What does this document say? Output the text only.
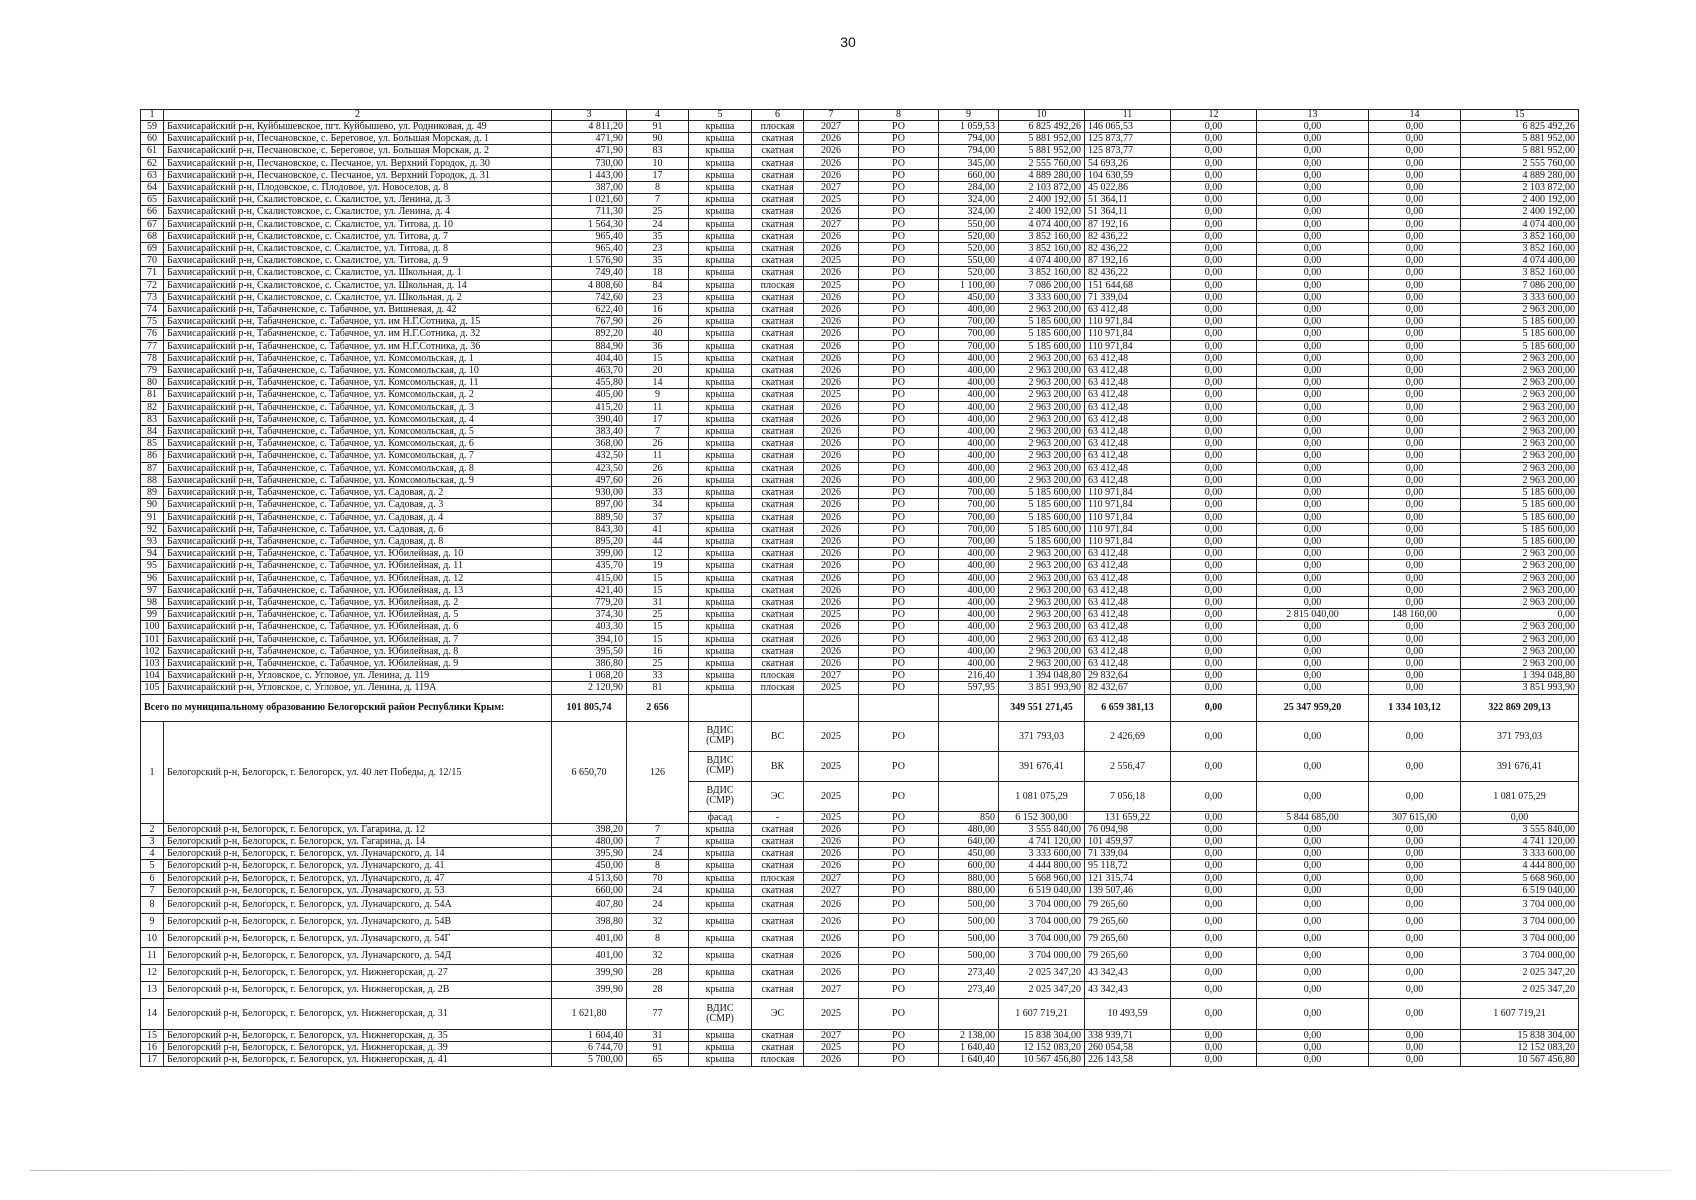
30
1	2	3	4	5	6	7	8	9	10	11	12	13	14	15
59	Бахчисарайский р-н, Куйбышевское, пгт. Куйбышево, ул. Родниковая, д. 49	4 811,20	91	крыша	плоская	2027	РО	1 059,53	6 825 492,26	146 065,53	0,00	0,00	0,00	6 825 492,26
60	Бахчисарайский р-н, Песчановское, с. Береговое, ул. Большая Морская, д. 1	471,90	90	крыша	скатная	2026	РО	794,00	5 881 952,00	125 873,77	0,00	0,00	0,00	5 881 952,00
61	Бахчисарайский р-н, Песчановское, с. Береговое, ул. Большая Морская, д. 2	471,90	83	крыша	скатная	2026	РО	794,00	5 881 952,00	125 873,77	0,00	0,00	0,00	5 881 952,00
62	Бахчисарайский р-н, Песчановское, с. Песчаное, ул. Верхний Городок, д. 30	730,00	10	крыша	скатная	2026	РО	345,00	2 555 760,00	54 693,26	0,00	0,00	0,00	2 555 760,00
63	Бахчисарайский р-н, Песчановское, с. Песчаное, ул. Верхний Городок, д. 31	1 443,00	17	крыша	скатная	2026	РО	660,00	4 889 280,00	104 630,59	0,00	0,00	0,00	4 889 280,00
64	Бахчисарайский р-н, Плодовское, с. Плодовое, ул. Новоселов, д. 8	387,00	8	крыша	скатная	2027	РО	284,00	2 103 872,00	45 022,86	0,00	0,00	0,00	2 103 872,00
65	Бахчисарайский р-н, Скалистовское, с. Скалистое, ул. Ленина, д. 3	1 021,60	7	крыша	скатная	2025	РО	324,00	2 400 192,00	51 364,11	0,00	0,00	0,00	2 400 192,00
66	Бахчисарайский р-н, Скалистовское, с. Скалистое, ул. Ленина, д. 4	711,30	25	крыша	скатная	2026	РО	324,00	2 400 192,00	51 364,11	0,00	0,00	0,00	2 400 192,00
67	Бахчисарайский р-н, Скалистовское, с. Скалистое, ул. Титова, д. 10	1 564,30	24	крыша	скатная	2027	РО	550,00	4 074 400,00	87 192,16	0,00	0,00	0,00	4 074 400,00
68	Бахчисарайский р-н, Скалистовское, с. Скалистое, ул. Титова, д. 7	965,40	35	крыша	скатная	2026	РО	520,00	3 852 160,00	82 436,22	0,00	0,00	0,00	3 852 160,00
69	Бахчисарайский р-н, Скалистовское, с. Скалистое, ул. Титова, д. 8	965,40	23	крыша	скатная	2026	РО	520,00	3 852 160,00	82 436,22	0,00	0,00	0,00	3 852 160,00
70	Бахчисарайский р-н, Скалистовское, с. Скалистое, ул. Титова, д. 9	1 576,90	35	крыша	скатная	2025	РО	550,00	4 074 400,00	87 192,16	0,00	0,00	0,00	4 074 400,00
71	Бахчисарайский р-н, Скалистовское, с. Скалистое, ул. Школьная, д. 1	749,40	18	крыша	скатная	2026	РО	520,00	3 852 160,00	82 436,22	0,00	0,00	0,00	3 852 160,00
72	Бахчисарайский р-н, Скалистовское, с. Скалистое, ул. Школьная, д. 14	4 808,60	84	крыша	плоская	2025	РО	1 100,00	7 086 200,00	151 644,68	0,00	0,00	0,00	7 086 200,00
73	Бахчисарайский р-н, Скалистовское, с. Скалистое, ул. Школьная, д. 2	742,60	23	крыша	скатная	2026	РО	450,00	3 333 600,00	71 339,04	0,00	0,00	0,00	3 333 600,00
74	Бахчисарайский р-н, Табачненское, с. Табачное, ул. Вишневая, д. 42	622,40	16	крыша	скатная	2026	РО	400,00	2 963 200,00	63 412,48	0,00	0,00	0,00	2 963 200,00
75	Бахчисарайский р-н, Табачненское, с. Табачное, ул. им Н.Г.Сотника, д. 15	767,90	26	крыша	скатная	2026	РО	700,00	5 185 600,00	110 971,84	0,00	0,00	0,00	5 185 600,00
76	Бахчисарайский р-н, Табачненское, с. Табачное, ул. им Н.Г.Сотника, д. 32	892,20	40	крыша	скатная	2026	РО	700,00	5 185 600,00	110 971,84	0,00	0,00	0,00	5 185 600,00
77	Бахчисарайский р-н, Табачненское, с. Табачное, ул. им Н.Г.Сотника, д. 36	884,90	36	крыша	скатная	2026	РО	700,00	5 185 600,00	110 971,84	0,00	0,00	0,00	5 185 600,00
78	Бахчисарайский р-н, Табачненское, с. Табачное, ул. Комсомольская, д. 1	404,40	15	крыша	скатная	2026	РО	400,00	2 963 200,00	63 412,48	0,00	0,00	0,00	2 963 200,00
79	Бахчисарайский р-н, Табачненское, с. Табачное, ул. Комсомольская, д. 10	463,70	20	крыша	скатная	2026	РО	400,00	2 963 200,00	63 412,48	0,00	0,00	0,00	2 963 200,00
80	Бахчисарайский р-н, Табачненское, с. Табачное, ул. Комсомольская, д. 11	455,80	14	крыша	скатная	2026	РО	400,00	2 963 200,00	63 412,48	0,00	0,00	0,00	2 963 200,00
81	Бахчисарайский р-н, Табачненское, с. Табачное, ул. Комсомольская, д. 2	405,00	9	крыша	скатная	2025	РО	400,00	2 963 200,00	63 412,48	0,00	0,00	0,00	2 963 200,00
82	Бахчисарайский р-н, Табачненское, с. Табачное, ул. Комсомольская, д. 3	415,20	11	крыша	скатная	2026	РО	400,00	2 963 200,00	63 412,48	0,00	0,00	0,00	2 963 200,00
83	Бахчисарайский р-н, Табачненское, с. Табачное, ул. Комсомольская, д. 4	390,40	17	крыша	скатная	2026	РО	400,00	2 963 200,00	63 412,48	0,00	0,00	0,00	2 963 200,00
84	Бахчисарайский р-н, Табачненское, с. Табачное, ул. Комсомольская, д. 5	383,40	7	крыша	скатная	2026	РО	400,00	2 963 200,00	63 412,48	0,00	0,00	0,00	2 963 200,00
85	Бахчисарайский р-н, Табачненское, с. Табачное, ул. Комсомольская, д. 6	368,00	26	крыша	скатная	2026	РО	400,00	2 963 200,00	63 412,48	0,00	0,00	0,00	2 963 200,00
86	Бахчисарайский р-н, Табачненское, с. Табачное, ул. Комсомольская, д. 7	432,50	11	крыша	скатная	2026	РО	400,00	2 963 200,00	63 412,48	0,00	0,00	0,00	2 963 200,00
87	Бахчисарайский р-н, Табачненское, с. Табачное, ул. Комсомольская, д. 8	423,50	26	крыша	скатная	2026	РО	400,00	2 963 200,00	63 412,48	0,00	0,00	0,00	2 963 200,00
88	Бахчисарайский р-н, Табачненское, с. Табачное, ул. Комсомольская, д. 9	497,60	26	крыша	скатная	2026	РО	400,00	2 963 200,00	63 412,48	0,00	0,00	0,00	2 963 200,00
89	Бахчисарайский р-н, Табачненское, с. Табачное, ул. Садовая, д. 2	930,00	33	крыша	скатная	2026	РО	700,00	5 185 600,00	110 971,84	0,00	0,00	0,00	5 185 600,00
90	Бахчисарайский р-н, Табачненское, с. Табачное, ул. Садовая, д. 3	897,00	34	крыша	скатная	2026	РО	700,00	5 185 600,00	110 971,84	0,00	0,00	0,00	5 185 600,00
91	Бахчисарайский р-н, Табачненское, с. Табачное, ул. Садовая, д. 4	889,50	37	крыша	скатная	2026	РО	700,00	5 185 600,00	110 971,84	0,00	0,00	0,00	5 185 600,00
92	Бахчисарайский р-н, Табачненское, с. Табачное, ул. Садовая, д. 6	843,30	41	крыша	скатная	2026	РО	700,00	5 185 600,00	110 971,84	0,00	0,00	0,00	5 185 600,00
93	Бахчисарайский р-н, Табачненское, с. Табачное, ул. Садовая, д. 8	895,20	44	крыша	скатная	2026	РО	700,00	5 185 600,00	110 971,84	0,00	0,00	0,00	5 185 600,00
94	Бахчисарайский р-н, Табачненское, с. Табачное, ул. Юбилейная, д. 10	399,00	12	крыша	скатная	2026	РО	400,00	2 963 200,00	63 412,48	0,00	0,00	0,00	2 963 200,00
95	Бахчисарайский р-н, Табачненское, с. Табачное, ул. Юбилейная, д. 11	435,70	19	крыша	скатная	2026	РО	400,00	2 963 200,00	63 412,48	0,00	0,00	0,00	2 963 200,00
96	Бахчисарайский р-н, Табачненское, с. Табачное, ул. Юбилейная, д. 12	415,00	15	крыша	скатная	2026	РО	400,00	2 963 200,00	63 412,48	0,00	0,00	0,00	2 963 200,00
97	Бахчисарайский р-н, Табачненское, с. Табачное, ул. Юбилейная, д. 13	421,40	15	крыша	скатная	2026	РО	400,00	2 963 200,00	63 412,48	0,00	0,00	0,00	2 963 200,00
98	Бахчисарайский р-н, Табачненское, с. Табачное, ул. Юбилейная, д. 2	779,20	31	крыша	скатная	2026	РО	400,00	2 963 200,00	63 412,48	0,00	0,00	0,00	2 963 200,00
99	Бахчисарайский р-н, Табачненское, с. Табачное, ул. Юбилейная, д. 5	374,30	25	крыша	скатная	2025	РО	400,00	2 963 200,00	63 412,48	0,00	2 815 040,00	148 160,00	0,00
100	Бахчисарайский р-н, Табачненское, с. Табачное, ул. Юбилейная, д. 6	403,30	15	крыша	скатная	2026	РО	400,00	2 963 200,00	63 412,48	0,00	0,00	0,00	2 963 200,00
101	Бахчисарайский р-н, Табачненское, с. Табачное, ул. Юбилейная, д. 7	394,10	15	крыша	скатная	2026	РО	400,00	2 963 200,00	63 412,48	0,00	0,00	0,00	2 963 200,00
102	Бахчисарайский р-н, Табачненское, с. Табачное, ул. Юбилейная, д. 8	395,50	16	крыша	скатная	2026	РО	400,00	2 963 200,00	63 412,48	0,00	0,00	0,00	2 963 200,00
103	Бахчисарайский р-н, Табачненское, с. Табачное, ул. Юбилейная, д. 9	386,80	25	крыша	скатная	2026	РО	400,00	2 963 200,00	63 412,48	0,00	0,00	0,00	2 963 200,00
104	Бахчисарайский р-н, Угловское, с. Угловое, ул. Ленина, д. 119	1 068,20	33	крыша	плоская	2027	РО	216,40	1 394 048,80	29 832,64	0,00	0,00	0,00	1 394 048,80
105	Бахчисарайский р-н, Угловское, с. Угловое, ул. Ленина, д. 119А	2 120,90	81	крыша	плоская	2025	РО	597,95	3 851 993,90	82 432,67	0,00	0,00	0,00	3 851 993,90
Всего по муниципальному образованию Белогорский район Республики Крым:		101 805,74	2 656						349 551 271,45	6 659 381,13	0,00	25 347 959,20	1 334 103,12	322 869 209,13
1	Белогорский р-н, Белогорск, г. Белогорск, ул. 40 лет Победы, д. 12/15	6 650,70	126	ВДИС (СМР)	ВС	2025	РО		371 793,03	2 426,69	0,00	0,00	0,00	371 793,03
				ВДИС (СМР)	ВК	2025	РО		391 676,41	2 556,47	0,00	0,00	0,00	391 676,41
				ВДИС (СМР)	ЭС	2025	РО		1 081 075,29	7 056,18	0,00	0,00	0,00	1 081 075,29
				фасад	-	2025	РО	850	6 152 300,00	131 659,22	0,00	5 844 685,00	307 615,00	0,00
2	Белогорский р-н, Белогорск, г. Белогорск, ул. Гагарина, д. 12	398,20	7	крыша	скатная	2026	РО	480,00	3 555 840,00	76 094,98	0,00	0,00	0,00	3 555 840,00
3	Белогорский р-н, Белогорск, г. Белогорск, ул. Гагарина, д. 14	480,00	7	крыша	скатная	2026	РО	640,00	4 741 120,00	101 459,97	0,00	0,00	0,00	4 741 120,00
4	Белогорский р-н, Белогорск, г. Белогорск, ул. Луначарского, д. 14	395,90	24	крыша	скатная	2026	РО	450,00	3 333 600,00	71 339,04	0,00	0,00	0,00	3 333 600,00
5	Белогорский р-н, Белогорск, г. Белогорск, ул. Луначарского, д. 41	450,00	8	крыша	скатная	2026	РО	600,00	4 444 800,00	95 118,72	0,00	0,00	0,00	4 444 800,00
6	Белогорский р-н, Белогорск, г. Белогорск, ул. Луначарского, д. 47	4 513,60	70	крыша	плоская	2027	РО	880,00	5 668 960,00	121 315,74	0,00	0,00	0,00	5 668 960,00
7	Белогорский р-н, Белогорск, г. Белогорск, ул. Луначарского, д. 53	660,00	24	крыша	скатная	2027	РО	880,00	6 519 040,00	139 507,46	0,00	0,00	0,00	6 519 040,00
8	Белогорский р-н, Белогорск, г. Белогорск, ул. Луначарского, д. 54А	407,80	24	крыша	скатная	2026	РО	500,00	3 704 000,00	79 265,60	0,00	0,00	0,00	3 704 000,00
9	Белогорский р-н, Белогорск, г. Белогорск, ул. Луначарского, д. 54В	398,80	32	крыша	скатная	2026	РО	500,00	3 704 000,00	79 265,60	0,00	0,00	0,00	3 704 000,00
10	Белогорский р-н, Белогорск, г. Белогорск, ул. Луначарского, д. 54Г	401,00	8	крыша	скатная	2026	РО	500,00	3 704 000,00	79 265,60	0,00	0,00	0,00	3 704 000,00
11	Белогорский р-н, Белогорск, г. Белогорск, ул. Луначарского, д. 54Д	401,00	32	крыша	скатная	2026	РО	500,00	3 704 000,00	79 265,60	0,00	0,00	0,00	3 704 000,00
12	Белогорский р-н, Белогорск, г. Белогорск, ул. Нижнегорская, д. 27	399,90	28	крыша	скатная	2026	РО	273,40	2 025 347,20	43 342,43	0,00	0,00	0,00	2 025 347,20
13	Белогорский р-н, Белогорск, г. Белогорск, ул. Нижнегорская, д. 2В	399,90	28	крыша	скатная	2027	РО	273,40	2 025 347,20	43 342,43	0,00	0,00	0,00	2 025 347,20
14	Белогорский р-н, Белогорск, г. Белогорск, ул. Нижнегорская, д. 31	1 621,80	77	ВДИС (СМР)	ЭС	2025	РО		1 607 719,21	10 493,59	0,00	0,00	0,00	1 607 719,21
15	Белогорский р-н, Белогорск, г. Белогорск, ул. Нижнегорская, д. 35	1 604,40	31	крыша	скатная	2027	РО	2 138,00	15 838 304,00	338 939,71	0,00	0,00	0,00	15 838 304,00
16	Белогорский р-н, Белогорск, г. Белогорск, ул. Нижнегорская, д. 39	6 744,70	91	крыша	скатная	2025	РО	1 640,40	12 152 083,20	260 054,58	0,00	0,00	0,00	12 152 083,20
17	Белогорский р-н, Белогорск, г. Белогорск, ул. Нижнегорская, д. 41	5 700,00	65	крыша	плоская	2026	РО	1 640,40	10 567 456,80	226 143,58	0,00	0,00	0,00	10 567 456,80
